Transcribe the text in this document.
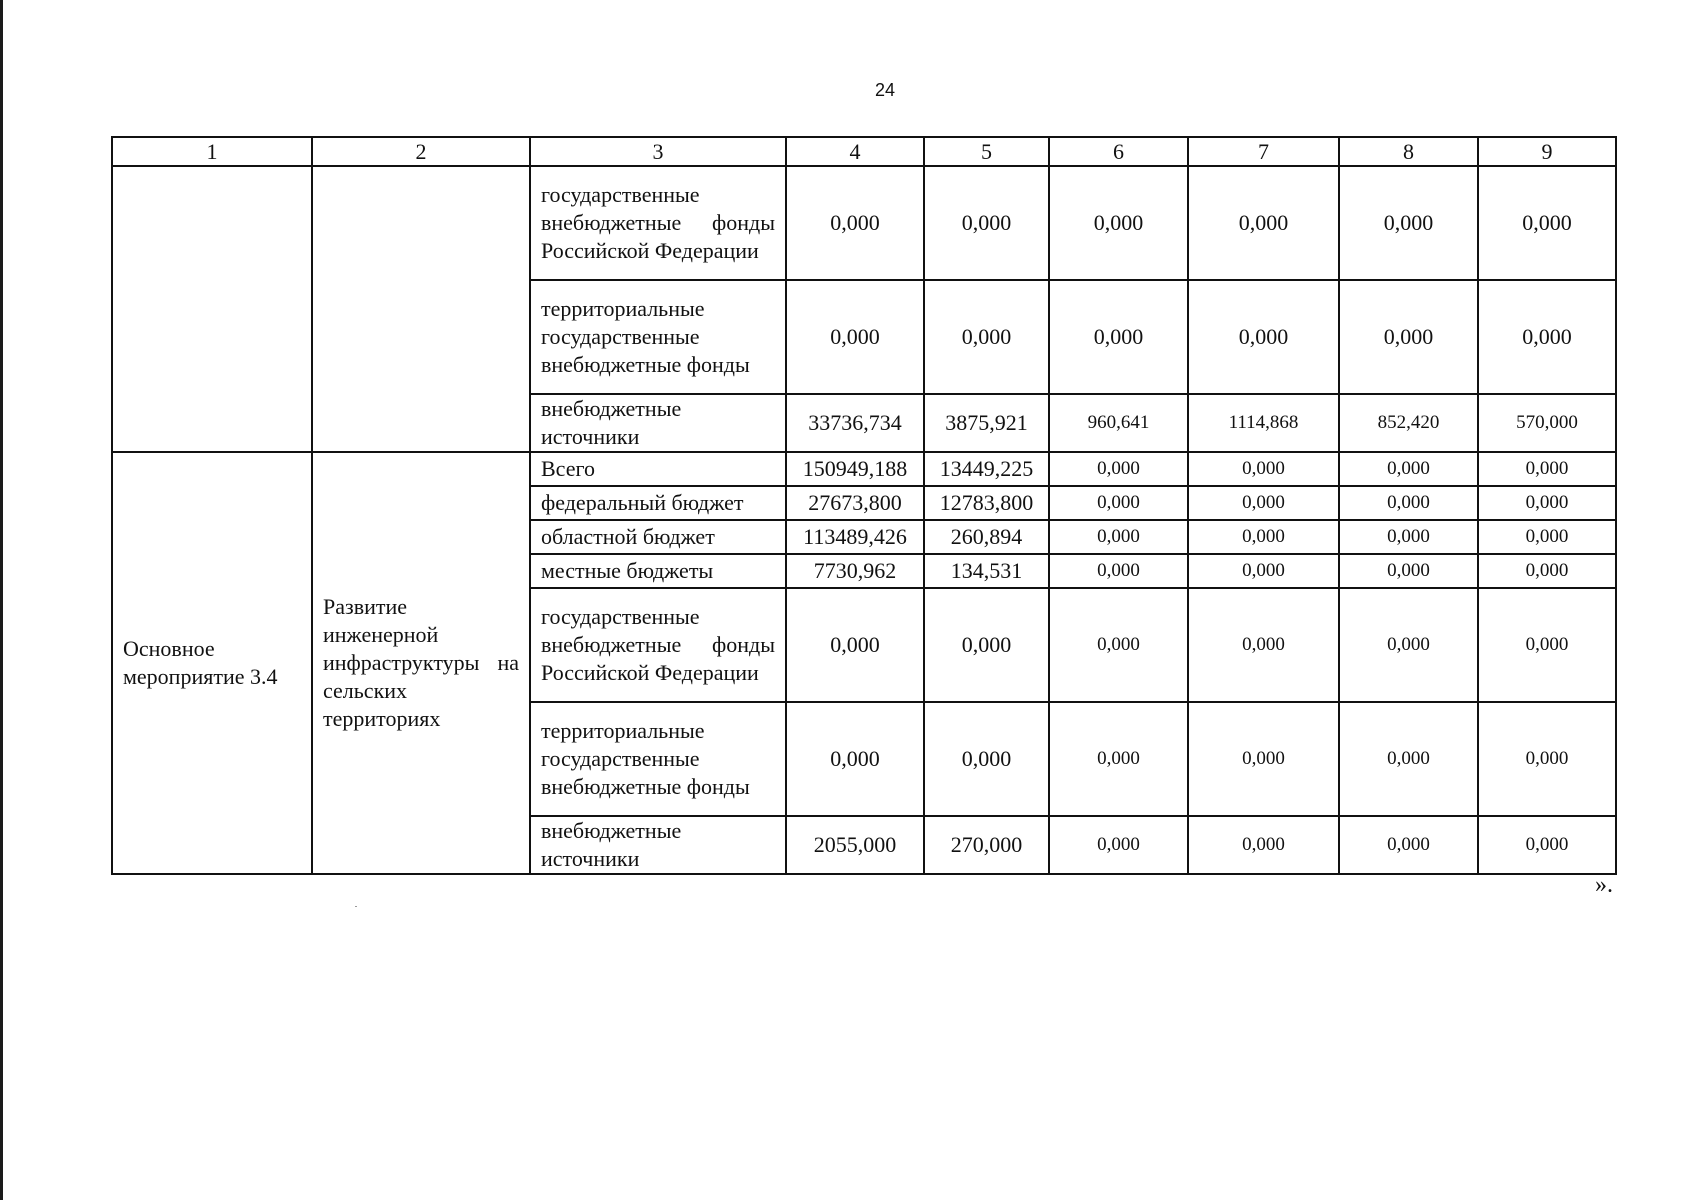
24
1	2	3	4	5	6	7	8	9
		государственные внебюджетные фонды Российской Федерации	0,000	0,000	0,000	0,000	0,000	0,000
		территориальные государственные внебюджетные фонды	0,000	0,000	0,000	0,000	0,000	0,000
		внебюджетные источники	33736,734	3875,921	960,641	1114,868	852,420	570,000
Основное мероприятие 3.4	Развитие инженерной инфраструктуры на сельских территориях	Всего	150949,188	13449,225	0,000	0,000	0,000	0,000
		федеральный бюджет	27673,800	12783,800	0,000	0,000	0,000	0,000
		областной бюджет	113489,426	260,894	0,000	0,000	0,000	0,000
		местные бюджеты	7730,962	134,531	0,000	0,000	0,000	0,000
		государственные внебюджетные фонды Российской Федерации	0,000	0,000	0,000	0,000	0,000	0,000
		территориальные государственные внебюджетные фонды	0,000	0,000	0,000	0,000	0,000	0,000
		внебюджетные источники	2055,000	270,000	0,000	0,000	0,000	0,000
».
